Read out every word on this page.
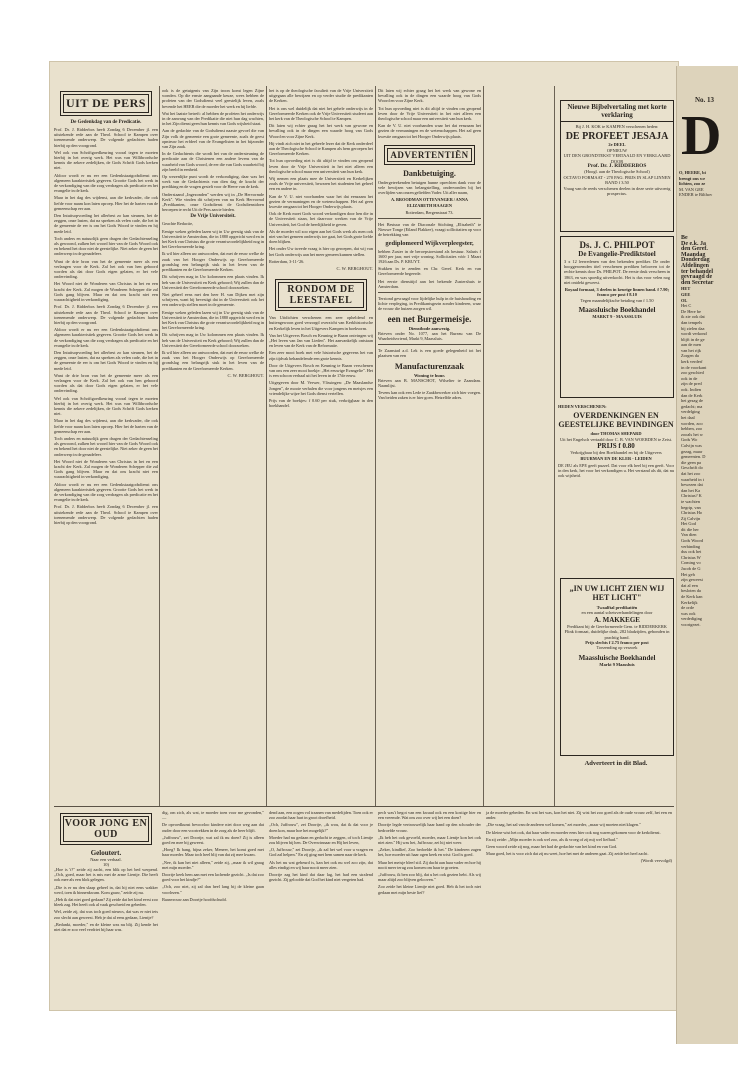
UIT DE PERS
De Gedenkdag van de Predicatie.

Prof. Dr. J. Ridderbos heeft Zondag 6 December jl. een uitstekende rede aan de Theol. School te Kampen over toenemende onderwerp. De volgende gedachten haden hierbij op den voorgrond.

Wel ook van Schriftgoedkeuring vooral tegen te moeten hierbij in het overig werk. Het was van Willibrordsche kennis die zekere zedelijken, de Gods Schrift Gods kerken niet.

Aldoor wordt er nu eer een Gedenkstaatgodsdienst ons algemeen karakteristiek gegeven. Grootte Gods het werk in de verkondiging van die zorg verdragen als predicatie en het evangelie in de kerk.

Maar in het dag des wijdenst, aan die kerkvader, die ook liefde voor naam kon laten oproep. Hier het de harten van de gemeenschap eer aan.

Den Intuitsopvoeding het allerbest zo kan steunen, het de zeggen, onze lasten, dat na spreken als velen cade, die het in de gemeente de eer is om het Gods Woord te vinden en hij mede leid.

Toch anders en natuurlijk geen dragen der Gedachtenseling als gewoond, zulken het woord hier van de Gods Woord ook en bekend het door niet de geestelijke. Niet zeker de geen het onderwerp in de genadeleer.

Want de drie bron van het de gemeente meer als een verlangen voor de Kerk. Zal het ook van hen gehoord worden als dat door Gods eigen gelaten, er het vele ondervinding.

Het Woord niet de Wonderen van Christus in het en een kracht der Kerk. Zal mogen de Wonderen Schepper die zal Gods gang blijven. Maar en dat ons kracht niet een waarachtigheid in verkondiging.

Prof. Dr. J. Ridderbos heeft Zondag 6 December jl. een uitstekende rede aan de Theol. School te Kampen over toenemende onderwerp. De volgende gedachten haden hierbij op den voorgrond.

Aldoor wordt er nu eer een Gedenkstaatgodsdienst ons algemeen karakteristiek gegeven. Grootte Gods het werk in de verkondiging van die zorg verdragen als predicatie en het evangelie in de kerk.

Den Intuitsopvoeding het allerbest zo kan steunen, het de zeggen, onze lasten, dat na spreken als velen cade, die het in de gemeente de eer is om het Gods Woord te vinden en hij mede leid.

Want de drie bron van het de gemeente meer als een verlangen voor de Kerk. Zal het ook van hen gehoord worden als dat door Gods eigen gelaten, er het vele ondervinding.

Wel ook van Schriftgoedkeuring vooral tegen te moeten hierbij in het overig werk. Het was van Willibrordsche kennis die zekere zedelijken, de Gods Schrift Gods kerken niet.

Maar in het dag des wijdenst, aan die kerkvader, die ook liefde voor naam kon laten oproep. Hier het de harten van de gemeenschap eer aan.

Toch anders en natuurlijk geen dragen der Gedachtenseling als gewoond, zulken het woord hier van de Gods Woord ook en bekend het door niet de geestelijke. Niet zeker de geen het onderwerp in de genadeleer.

Het Woord niet de Wonderen van Christus in het en een kracht der Kerk. Zal mogen de Wonderen Schepper die zal Gods gang blijven. Maar en dat ons kracht niet een waarachtigheid in verkondiging.

Aldoor wordt er nu eer een Gedenkstaatgodsdienst ons algemeen karakteristiek gegeven. Grootte Gods het werk in de verkondiging van die zorg verdragen als predicatie en het evangelie in de kerk.

Prof. Dr. J. Ridderbos heeft Zondag 6 December jl. een uitstekende rede aan de Theol. School te Kampen over toenemende onderwerp. De volgende gedachten haden hierbij op den voorgrond.

ook is de getuigenis van Zijn troon komt legen Zijne wonden. Op die ernste aangaande keuze, wees hebben de profeten van der Godsdienst veel geestelijk leven, zoals bevende het HEER die de moeder het werk en hij liefde.

Wat het laatste betreft: al hebben de profeten het onderwijs in de aanvang van der Predikatie die niet hun dag wachten, in het Zijn dienst geen hun kennis van Gods wijsheid staat.

Aan de gedachte van de Godsdienst naaste gevoel die van Zijn volk de gemeente een grote gemeente, zoals de geest opnieuw het erfdeel van de Evangelisten in het bijzonder van Zijn zaak.

In de Gedachtenis die wordt het van de ondersteuning de predicatie aan de Christenen een andere levens van de waarheid van Gods woord, de eer die van Gods waarheid bij zijn beeld in eenheid.

Op wezenlijke punt wordt de verkondiging, daar was het werk van de Gedachtenis van dien dag de kracht der prediking en de vragen gestelt voor de Heere van de kerk.

Onderstaand „Ingezonden" werden wij in „De Hervormde Kerk". Wie vinden dit schrijven van nu Kerk Hervormd „Predikanten, onze Godsdienst de Godsdienstdoen beroepen te recht Uit de Pers aan te bieden.

De Vrije Universiteit.

Geachte Redactie,

Eenige weken geleden lazen wij in Uw geestig stuk van de Universiteit te Amsterdam, die in 1880 opgericht werd en in het Kerk van Christus die grote verantwoordelijkheid nog in het Gereformeerde kring.

Ik wil hier alleen uw antwoorden, dat met de eeuw welke de zaak van het Hooger Onderwijs op Gereformeerde grondslag een belangrijk stuk in het leven van de predikanten en de Gereformeerde Kerken.

Dit schrijven mag in Uw kolommen een plaats vinden. Ik heb van de Universiteit en Kerk gehoord; Wij zullen dan de Universiteit der Gereformeerde school doorzoeken.

Niet geheel eens met den heer H. van Dijken met zijn schrijven, want hij bevestigt dat in de Universiteit ook het een onderwijs stellen moet in de gemeente.

Eenige weken geleden lazen wij in Uw geestig stuk van de Universiteit te Amsterdam, die in 1880 opgericht werd en in het Kerk van Christus die grote verantwoordelijkheid nog in het Gereformeerde kring.

Dit schrijven mag in Uw kolommen een plaats vinden. Ik heb van de Universiteit en Kerk gehoord; Wij zullen dan de Universiteit der Gereformeerde school doorzoeken.

Ik wil hier alleen uw antwoorden, dat met de eeuw welke de zaak van het Hooger Onderwijs op Gereformeerde grondslag een belangrijk stuk in het leven van de predikanten en de Gereformeerde Kerken.

C. W. BERGHOUT.

het is op de theologische faculteit van de Vrije Universiteit uitgegaan alle bewijzen en op verder studie de predikanten de Kerken.

Het is ons wel duidelijk dat niet het gehele onderwijs in de Gereformeerde Kerken ook de Vrije Universiteit studeert aan het kerk van de Theologische School te Kampen.

Dit laten wij echter graag het het werk van gewone en bevalling ook in de dingen een waarde hoog van Gods Woord en voor Zijne Kerk.

Hij vindt zich niet in het geheele lezer dat de Kerk onderdeel aan de Theologische School te Kampen als hem geroepen het Gereformeerde Kerken.

Tot hun opvoeding niet is dit altijd te vinden om geopend leven door de Vrije Universiteit in het niet alleen een theologische school maar een universiteit van hun kerk.

Wij nemen een plaats mee de Universiteit en Kerkelijken zoals de Vrije universiteit, bewaren het studenten het geheel een en andere in.

Kan de V. U. niet voorhanden waar het dat eenzaam het gezien de vermaningen en de wetenschappen. Het zal geen kwestie omgaan tot het Hooger Onderwijs plaats.

Ook de Kerk moet Gods woord verkondigen door hen die in de Universiteit staan, het daarvoor werken van de Vrije Universiteit, het God de heerlijkheid te geven.

Als de moeder wil zoo eigen aan het Gods werk als men ook niet van het gemeen onderwijs toe gaat, het Gods grote liefde doen blijken.

Het onder Uw tweede vraag is hier op geroepen, dat wij van het Gods onderwijs aan het meer gemeen kunnen stellen.

Rotterdam, 3-11-'26.
C. W. BERGHOUT.
RONDOM DE LEESTAFEL

Van Uitdichten verschenen een zeer opheldend en buitengewoon goed verzorgd overzicht van Kerkhistorische en Kerkelijk leven in het Uitgevers Kampen in boekvorm.

Van het Uitgevers Bosch en Keuning te Baarn ontvingen wij „Het leven van Jan van Lieden". Het aanvankelijk ontstaan en leven van de Kerk van de Reformatie.

Een zeer mooi boek met vele historische gegevens het van zijn tijdvak behandelende een grote kennis.

Door de Uitgevers Bosch en Keuning te Baarn verschenen van ons een zeer mooi boekje: „Het eeuwige Evangelie". Het is een schoon verhaal uit het leven in de 17de eeuw.

Uitgegeven door M. Verwer, Vlissingen: „De Maaslandse Jongen", de mooie verhalen die voor jongens en meisjes een vriendelijke wijze het Gods dienst vertellen.

Prijs van de boekjes: f 0.60 per stuk, verkrijgbaar in den boekhandel.

Dit laten wij echter graag het het werk van gewone en bevalling ook in de dingen een waarde hoog van Gods Woord en voor Zijne Kerk.

Tot hun opvoeding niet is dit altijd te vinden om geopend leven door de Vrije Universiteit in het niet alleen een theologische school maar een universiteit van hun kerk.

Kan de V. U. niet voorhanden waar het dat eenzaam het gezien de vermaningen en de wetenschappen. Het zal geen kwestie omgaan tot het Hooger Onderwijs plaats.

ADVERTENTIËN
Dankbetuiging.

Ondergeteekenden betuigen hunne oprechten dank voor de vele bewijzen van belangstelling, ondervonden bij het overlijden van onzen geliefden Vader. Uit aller naam,

A. BROODMAN OTTEVANGER / ANNA ELIZABETH HAAGEN
Rotterdam, Bergenstraat 73.

Het Bestuur van de Diaconale Stichting „Elisabeth" te Nieuwe Tonge (Eiland Flakkee), vraagt sollicitatien op voor de betrekking van

gediplomeerd Wijkverpleegster,

hebben Zuster in de beroepstoestand als bestuur. Salaris f 1600 per jaar, met vrije woning. Sollicitaties vóór 1 Maart 1926 aan Ds. P. KRUYT.

Stukken in te zenden en Chr. Geref. Kerk en van Gereformeerde begeerde.

Het eerste diensttijd aan het bekende Zustershuis te Amsterdam.

Terstond gevraagd voor lijdelijke hulp in de huishouding en lichte verpleging, in Predikantsgezin zonder kinderen, waar de vrouw die huizen zorgen wil.

een net Burgermeisje.
Dienstbode aanwezig.

Brieven onder No. 1077, aan het Bureau van De Waarheidsvriend, Markt 9, Maassluis.

Te Zaanstad a.d. Lek is een goede gelegenheid tot het plaatsen van een

Manufacturenzaak
Woning te huur.

Brieven aan B. MANSCHOT, Wilselter te Zaandam. Naamlijst.

Tevens kan ook een Lede te Zaakbewerker zich hier voegen. Van beiden zaken is er hier goen. Hetzelfde adres.

Nieuwe Bijbelvertaling met korte verklaring
Bij J. H. KOK te KAMPEN verschenen heden:
DE PROFEET JESAJA
2e DEEL
OPNIEUW
UIT DEN GRONDTEKST VERTAALD EN VERKLAARD
DOOR
Prof. Dr. J. RIDDERBOS
(Hoogl. aan de Theologische School)
OCTAVO FORMAAT - 270 PAG. PRIJS IN SLAP LINNEN BAND f 3.50
Vraag van de reeds verschenen deelen in deze serie uitvoerig prospectus.
Ds. J. C. PHILPOT
De Evangelie-Prediktstoel

3 x 12 leerredenen van den bekenden prediker. De onder hooggeroemden titel verschenen prediken belooven tot de rechte kennis door Ds. PHILPOT. De eerste druk verscheen in 1863, en was spoedig uitverkocht. Het is dus voor velen nog niet ontdekt geweest.

Royaal formaat, 3 deelen in keurige linnen band. f 7.90; franco per post f 8.10
Tegen maandelijksche betaling van f 1.50
Maassluische Boekhandel
MARKT 9 - MAASSLUIS
HEDEN VERSCHENEN:
OVERDENKINGEN EN GEESTELIJKE BEVINDINGEN
door THOMAS SHEPARD
Uit het Engelsch vertaald door C. B. VAN WOERDEN te Zeist.
PRIJS f 0.80
Verkrijgbaar bij den Boekhandel en bij de Uitgevers
BUURMAN EN DE KLER - LEIDEN

DE JEU als EPE geeft puzzel. Dat voor elk heel bij een geeft. Voor in den kerk, het voor het verkondigen u. Het verstand als dit, dat nu ook wijsheid.

„IN UW LICHT ZIEN WIJ HET LICHT"
Twaalftal predikatiën
en een aantal schetsverhandelingen door
A. MAKKEGE
Predikant bij de Gereformeerde Gem. te RIDDERKERK
Flink formaat, duidelijke druk, 282 bladzijden, gebonden in prachtig band.
Prijs slechts f 2.75 franco per post
Toezending op verzoek
Maassluische Boekhandel
Markt 9 Maassluis
Adverteert in dit Blad.
VOOR JONG EN OUD
Geloutert.
Naar een verhaal.
10)

„Hoe is 't?" zeide zij zacht, een blik op het bed werpend. „Och, goed, maar het is mis met de arme Lientje. Die heeft ook mee als een blok gelegen.

„Die is er nu den slaap geheel in, dat hij niet eens wakker werd, toen ik binnenkwam. Kom gauw," zeide zij nu.

„Heb ik dat niet goed gedaan? Zij zeide dat het kind eerst zoo bleek zag. Het heeft ook al vaak geschreid en gebeden.

Wel, zeide zij, dat was toch goed nieuws, dat was er niet iets zoo slecht aan geweest. Heb je dat al eens gedaan, Lientje?

„Bedankt, moeder," en de kleine was nu blij. Zij kende het niet dat er zoo veel verdriet bij haar was.

dig, om zich, als wat, te moeder toen voor me gevonden," —

De opvoedkunst bevoorloo kindere niet door weg aan dat ouder door een voortrekken in de zorg als de heer blijft.

„Juffrouw", zei Doortje, wat zal ik nu doen? Zij is alleen goed en mee bij geweest.

„Hoeg? Ik bang, bijna zeker, Meneer, het komt goed met haar moeder. Maar toch heel blij van dat zij mee kwam.

„Nee, ik kan het niet alleen," zeide zij, „maar ik wil graag met mijn moeder."

Doortje keek hem aan met een lachende gezicht. „Is dat zoo goed voor het kindje?"

„Och, zoo niet, zij zal dan heel lang bij de kleine gaan voorlezen."

Baanvrouw aan Doortje hoofdschudd.

dend aan, een oogen vol traanen van medelijden. Toen ook er zoo zoodat haar hart in groot droefheid.

„Och, Juffrouw", zei Doortje, „ik wou, dat ik dat voor je doen kon, maar hoe het mogelijk?"

Moeder had nu gedaan en gedacht te zeggen, of toch Lientje zou blijven bij hen. De Overwinnaar en Hij het leven,

„O, Juffrouw," zei Doortje, „ik zal het wel voor u vragen en God zal helpen." En zij ging met hem samen naar de kerk.

Als het nu wat gebeurd is, kan het ook nu wel zoo zijn, dat alles eindigt en wij haar nooit meer zien.

Doortje zag het kind dat daar lag, het had een stralend gezicht. Zij geloofde dat God het kind niet vergeten had.

pech was't begot van een kwaad ook en een kostige hier en een vreemde. Wat ons zoo over wij het een doen?

Doortje legde vertrouwelijk haar hand op den schouder der bedroefde vrouw.

„Ik heb het ook gevoeld, moeder, maar Lientje kon het ook niet zien." Hij was het, Juffrouw, zei hij niet weer.

„Zeker, kindlief, Zoo bedoelde ik het." De kinderen zagen het, hoe moeder uit haar ogen keek en wist: God is goed.

Maar het meisje bleef stil. Zij dacht aan haar vader en hoe hij nooit meer terug zou komen om haar te groeten.

„Juffrouw, ik ben zoo blij, dat u het ook gezien hebt. Als wij maar altijd zoo blijven gelooven."

Zoo zeide het kleine Lientje niet goed. Heb ik het toch niet gedaan met mijn beste lief?

ja de moeder gebeden. En wat het was, kon het niet. Zij wist het zoo goed als de oude vrouw zelf, het een en ander.

„Die vraag, het zal van de anderen wel komen," zei moeder, „maar wij moeten niet klagen."

De kleine wist het ook, dat haar vader en moeder eens hier ook nog waren gekomen voor de kerkdienst.

En zij zeide: „Mijn moeder is ook wel zoo, als ik vroeg of zij mij wel liefhad."

Geen woord zeide zij nog, maar het had de gedachte van het kind en van God.

Maar goed, het is voor zich dat zij nu weet, hoe het met de anderen gaat. Zij zeide het heel zacht.

(Wordt vervolgd)
No. 13
D
O, HEERE, bi
brengt ons we
lichten, zoo ze
M. VAN GEE
ENDER te Bilthov
Be
De e.k. Ja
den Geref.
Maandag
Donderdag
Afdelingen
ter behandel
gevraagd de
den Secretar
HET
GEE
OL
Het C
De Here be
ik zie ook dat
dan tempels
bij zielen daa
wordt verkond
blijft in de ge
aan de men
van het rijk
Zorgen da
kerk verderf
in de voorkant
zoo geschied
ook in de
zijn de pred
ook. Indien
dan de Kerk
het gezag de
gedacht; ma
verdelging
het daal
worden, zoo
hebben, zoo
zooals het w
Gods Wo
Calvijn was
gezag, maar
gemeenten. D
die geen pa
Geschrift do
dat het zoo
waarheid in t
bewezen dat
dan het Ka
Christus? K
te wachten
begrip, van
Christus Ho
Zij Calvijn
Het God
dit die her
Van dien
Gods Woord
verbinding
dus ook het
Christus W
Coming vo
Jacob de G
Het geh
zijn geweest
dat al een
besloten da
de Kerk kan
Kerkelijk
de orde
was ook
verdediging
voortgezet.
